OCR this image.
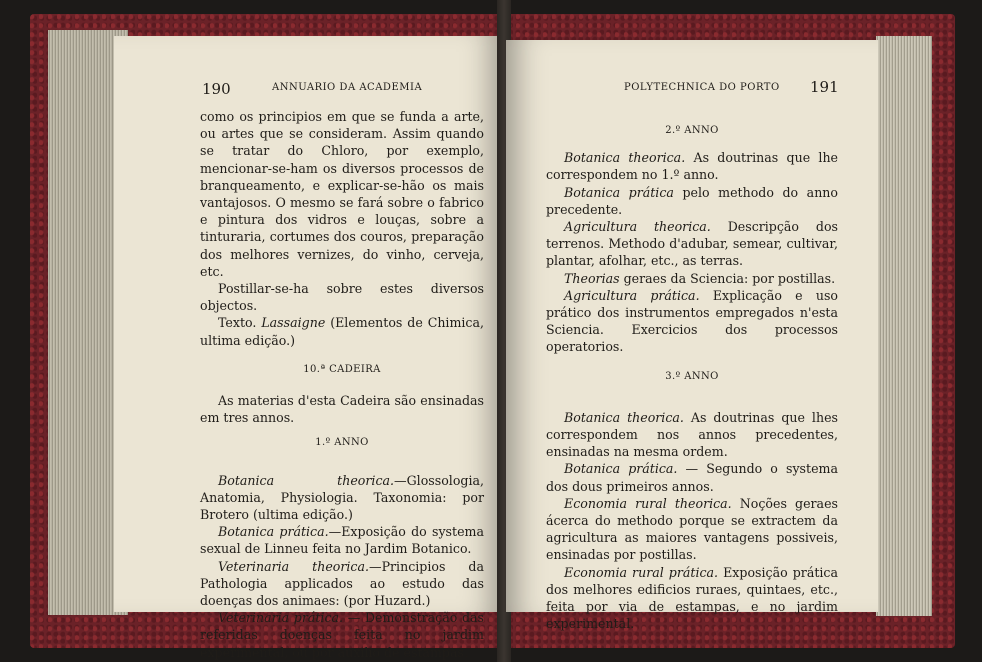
190	ANNUARIO DA ACADEMIA

como os principios em que se funda a arte, ou artes que se consideram. Assim quando se tratar do Chloro, por exemplo, mencionar-se-ham os diversos processos de branqueamento, e explicar-se-hão os mais vantajosos. O mesmo se fará sobre o fabrico e pintura dos vidros e louças, sobre a tinturaria, cortumes dos couros, preparação dos melhores vernizes, do vinho, cerveja, etc.

Postillar-se-ha sobre estes diversos objectos.

Texto. Lassaigne (Elementos de Chimica, ultima edição.)

10.ª CADEIRA

As materias d'esta Cadeira são ensinadas em tres annos.

1.º ANNO

Botanica theorica.—Glossologia, Anatomia, Physiologia. Taxonomia: por Brotero (ultima edição.)

Botanica prática.—Exposição do systema sexual de Linneu feita no Jardim Botanico.

Veterinaria theorica.—Principios da Pathologia applicados ao estudo das doenças dos animaes: (por Huzard.)

Veterinaria prática. — Demonstração das referidas doenças feita no jardim experimental, ou por auxilio de estampas.

POLYTECHNICA DO PORTO 191

2.º ANNO

Botanica theorica. As doutrinas que lhe correspondem no 1.º anno.

Botanica prática pelo methodo do anno precedente.

Agricultura theorica. Descripção dos terrenos. Methodo d'adubar, semear, cultivar, plantar, afolhar, etc., as terras.

Theorias geraes da Sciencia: por postillas.

Agricultura prática. Explicação e uso prático dos instrumentos empregados n'esta Sciencia. Exercicios dos processos operatorios.

3.º ANNO

Botanica theorica. As doutrinas que lhes correspondem nos annos precedentes, ensinadas na mesma ordem.

Botanica prática. — Segundo o systema dos dous primeiros annos.

Economia rural theorica. Noções geraes ácerca do methodo porque se extractem da agricultura as maiores vantagens possiveis, ensinadas por postillas.

Economia rural prática. Exposição prática dos melhores edificios ruraes, quintaes, etc., feita por via de estampas, e no jardim experimental.
